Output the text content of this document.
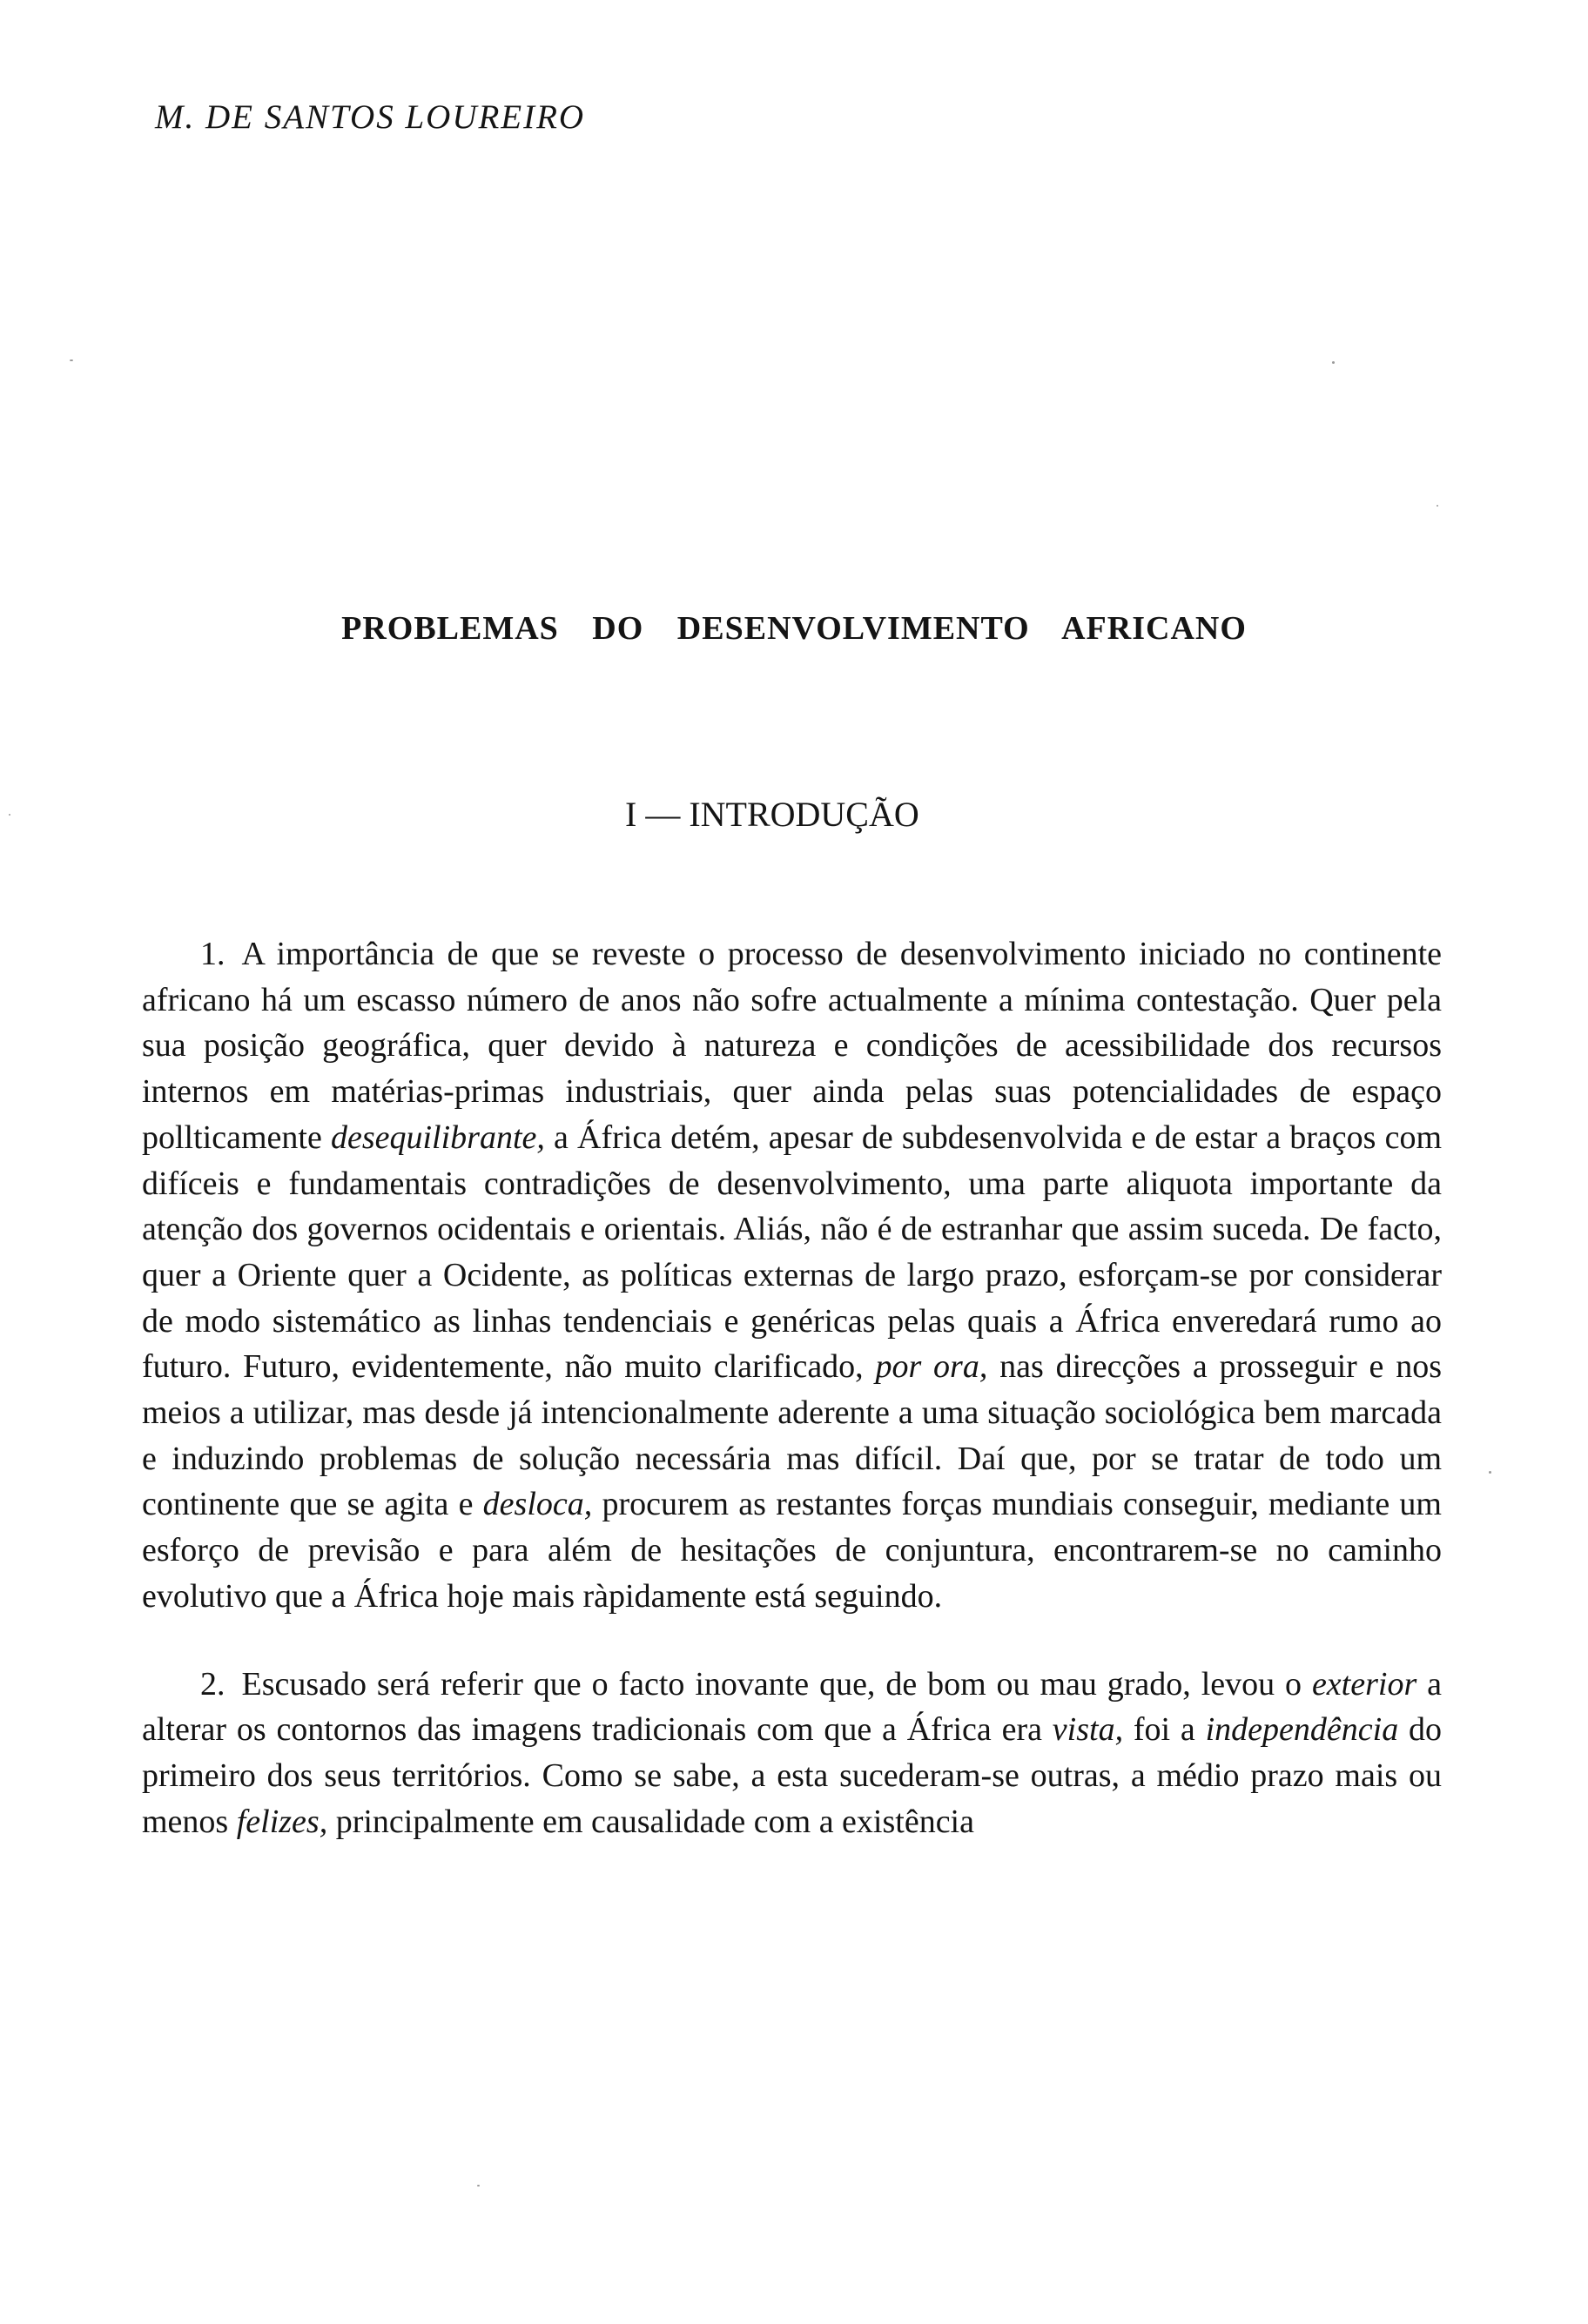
M. DE SANTOS LOUREIRO

PROBLEMAS DO DESENVOLVIMENTO AFRICANO
I — INTRODUÇÃO

1.  A importância de que se reveste o processo de desenvolvimento iniciado no continente africano há um escasso número de anos não sofre actualmente a mínima contestação. Quer pela sua posição geográfica, quer devido à natureza e condições de acessibilidade dos recursos internos em matérias-primas industriais, quer ainda pelas suas potencialidades de espaço pollticamente desequilibrante, a África detém, apesar de subdesenvolvida e de estar a braços com difíceis e fundamentais contradições de desenvolvimento, uma parte aliquota importante da atenção dos governos ocidentais e orientais. Aliás, não é de estranhar que assim suceda. De facto, quer a Oriente quer a Ocidente, as políticas externas de largo prazo, esforçam-se por considerar de modo sistemático as linhas tendenciais e genéricas pelas quais a África enveredará rumo ao futuro. Futuro, evidentemente, não muito clarificado, por ora, nas direcções a prosseguir e nos meios a utilizar, mas desde já intencionalmente aderente a uma situação sociológica bem marcada e induzindo problemas de solução necessária mas difícil. Daí que, por se tratar de todo um continente que se agita e desloca, procurem as restantes forças mundiais conseguir, mediante um esforço de previsão e para além de hesitações de conjuntura, encontrarem-se no caminho evolutivo que a África hoje mais ràpidamente está seguindo.

2.  Escusado será referir que o facto inovante que, de bom ou mau grado, levou o exterior a alterar os contornos das imagens tradicionais com que a África era vista, foi a independência do primeiro dos seus territórios. Como se sabe, a esta sucederam-se outras, a médio prazo mais ou menos felizes, principalmente em causalidade com a existência
